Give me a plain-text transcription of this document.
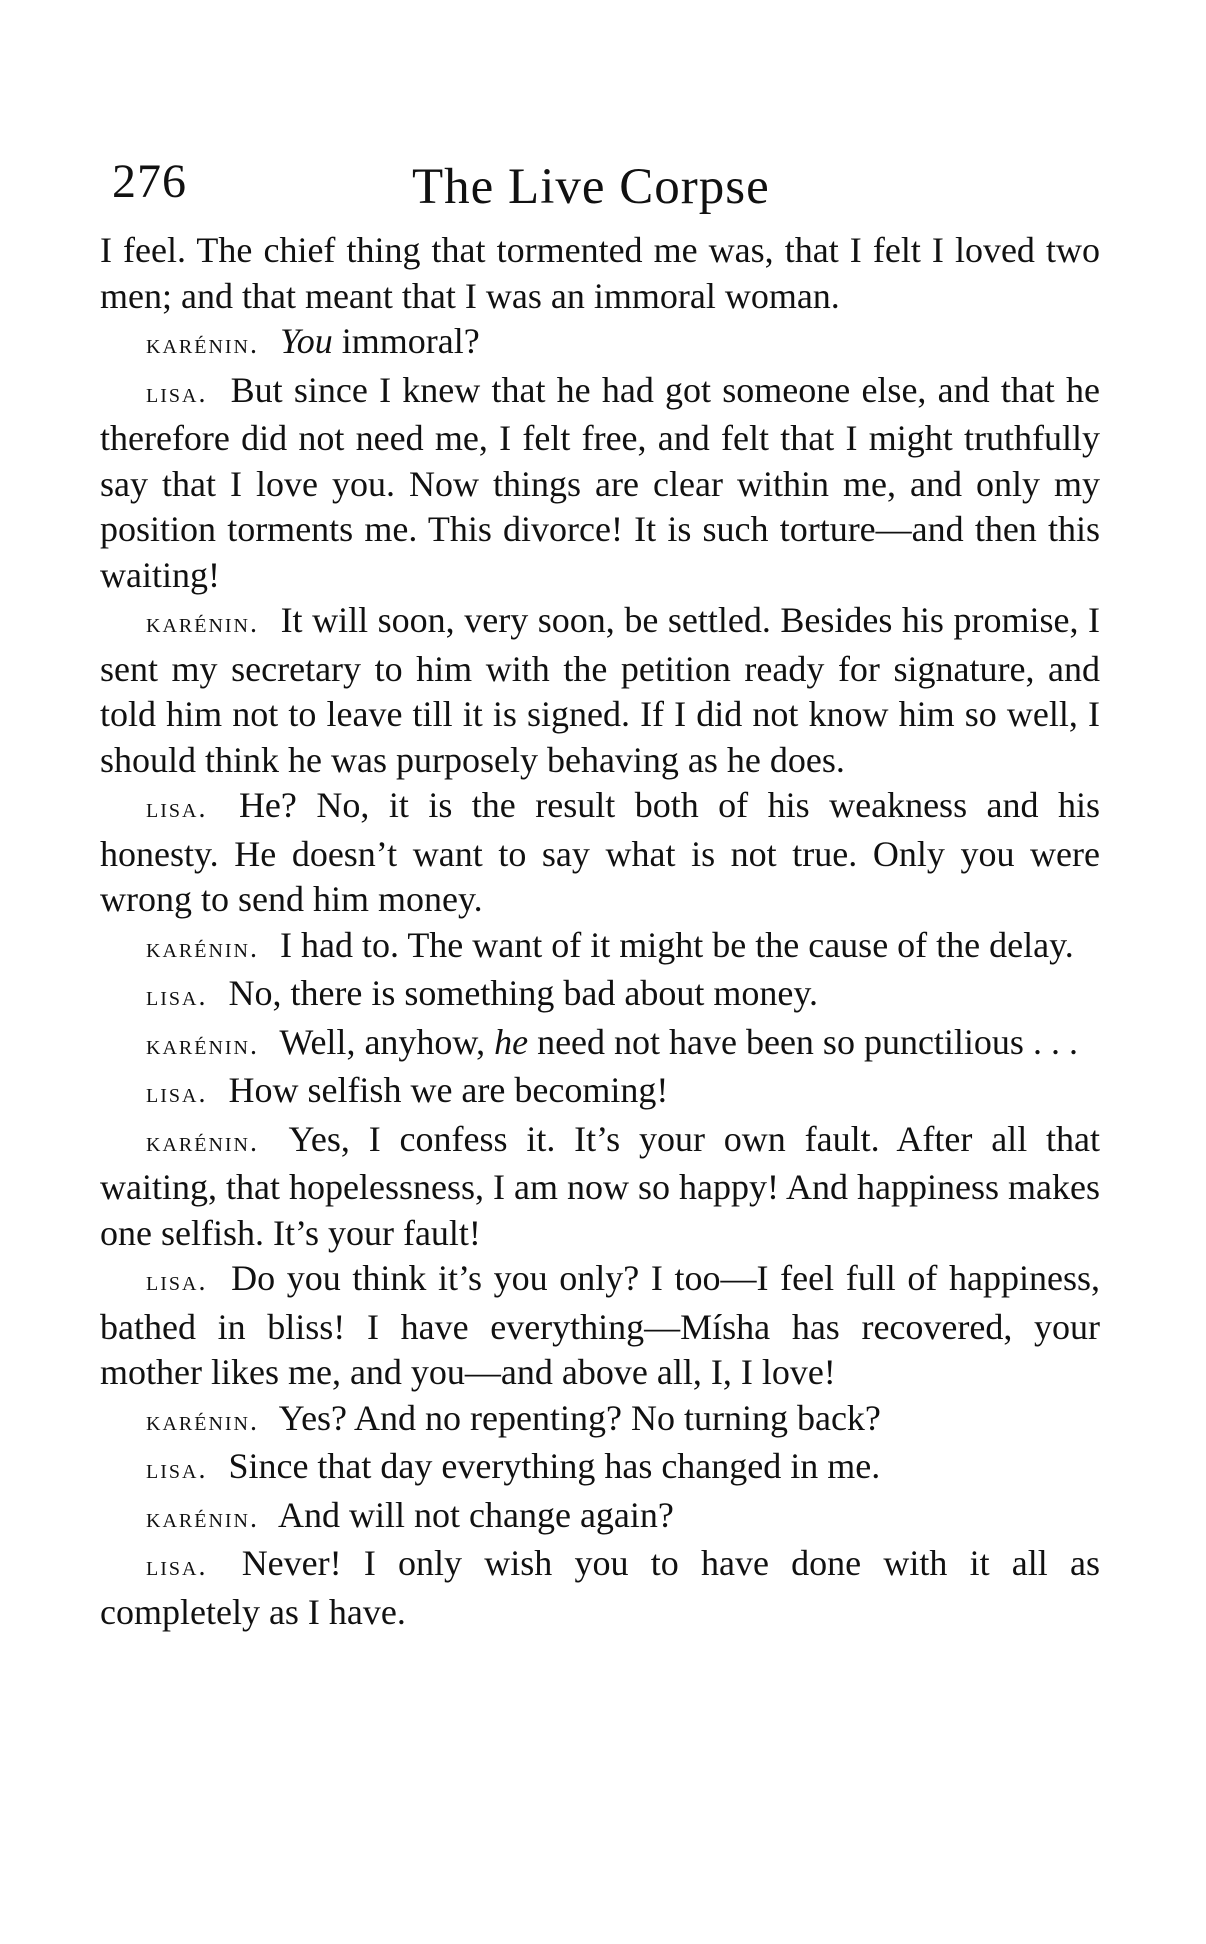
276	The Live Corpse

I feel. The chief thing that tormented me was, that I felt I loved two men; and that meant that I was an immoral woman.

karénin. You immoral?

lisa. But since I knew that he had got someone else, and that he therefore did not need me, I felt free, and felt that I might truthfully say that I love you. Now things are clear within me, and only my position torments me. This divorce! It is such torture—and then this waiting!

karénin. It will soon, very soon, be settled. Besides his promise, I sent my secretary to him with the petition ready for signature, and told him not to leave till it is signed. If I did not know him so well, I should think he was purposely behaving as he does.

lisa. He? No, it is the result both of his weakness and his honesty. He doesn’t want to say what is not true. Only you were wrong to send him money.

karénin. I had to. The want of it might be the cause of the delay.

lisa. No, there is something bad about money.

karénin. Well, anyhow, he need not have been so punctilious . . .

lisa. How selfish we are becoming!

karénin. Yes, I confess it. It’s your own fault. After all that waiting, that hopelessness, I am now so happy! And happiness makes one selfish. It’s your fault!

lisa. Do you think it’s you only? I too—I feel full of happiness, bathed in bliss! I have everything—Mísha has recovered, your mother likes me, and you—and above all, I, I love!

karénin. Yes? And no repenting? No turning back?

lisa. Since that day everything has changed in me.

karénin. And will not change again?

lisa. Never! I only wish you to have done with it all as completely as I have.
